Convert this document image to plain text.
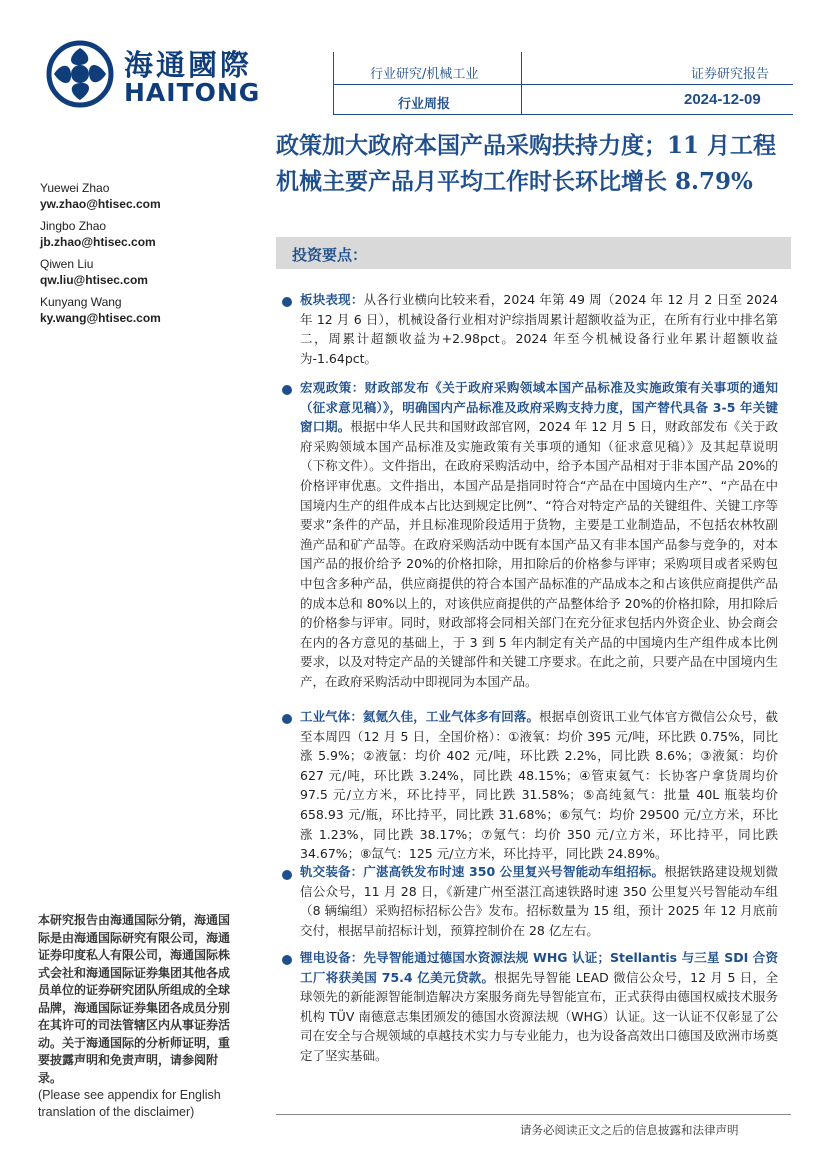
海通國際
HAITONG
行业研究/机械工业
行业周报
证券研究报告
2024-12-09
政策加大政府本国产品采购扶持力度；11 月工程机械主要产品月平均工作时长环比增长 8.79%
Yuewei Zhao
yw.zhao@htisec.com
Jingbo Zhao
jb.zhao@htisec.com
Qiwen Liu
qw.liu@htisec.com
Kunyang Wang
ky.wang@htisec.com
投资要点：
板块表现：从各行业横向比较来看，2024 年第 49 周（2024 年 12 月 2 日至 2024 年 12 月 6 日），机械设备行业相对沪综指周累计超额收益为正，在所有行业中排名第二，周累计超额收益为+2.98pct。2024 年至今机械设备行业年累计超额收益为-1.64pct。
宏观政策：财政部发布《关于政府采购领域本国产品标准及实施政策有关事项的通知（征求意见稿）》，明确国内产品标准及政府采购支持力度，国产替代具备 3-5 年关键窗口期。根据中华人民共和国财政部官网，2024 年 12 月 5 日，财政部发布《关于政府采购领域本国产品标准及实施政策有关事项的通知（征求意见稿）》及其起草说明（下称文件）。文件指出，在政府采购活动中，给予本国产品相对于非本国产品 20%的价格评审优惠。文件指出，本国产品是指同时符合“产品在中国境内生产”、“产品在中国境内生产的组件成本占比达到规定比例”、“符合对特定产品的关键组件、关键工序等要求”条件的产品，并且标准现阶段适用于货物，主要是工业制造品，不包括农林牧副渔产品和矿产品等。在政府采购活动中既有本国产品又有非本国产品参与竞争的，对本国产品的报价给予 20%的价格扣除，用扣除后的价格参与评审；采购项目或者采购包中包含多种产品，供应商提供的符合本国产品标准的产品成本之和占该供应商提供产品的成本总和 80%以上的，对该供应商提供的产品整体给予 20%的价格扣除，用扣除后的价格参与评审。同时，财政部将会同相关部门在充分征求包括内外资企业、协会商会在内的各方意见的基础上，于 3 到 5 年内制定有关产品的中国境内生产组件成本比例要求，以及对特定产品的关键部件和关键工序要求。在此之前，只要产品在中国境内生产，在政府采购活动中即视同为本国产品。
工业气体：氦氪久佳，工业气体多有回落。根据卓创资讯工业气体官方微信公众号，截至本周四（12 月 5 日，全国价格）：①液氧：均价 395 元/吨，环比跌 0.75%，同比涨 5.9%；②液氩：均价 402 元/吨，环比跌 2.2%，同比跌 8.6%；③液氮：均价 627 元/吨，环比跌 3.24%，同比跌 48.15%；④管束氦气：长协客户拿货周均价 97.5 元/立方米，环比持平，同比跌 31.58%；⑤高纯氦气：批量 40L 瓶装均价 658.93 元/瓶，环比持平，同比跌 31.68%；⑥氖气：均价 29500 元/立方米，环比涨 1.23%，同比跌 38.17%；⑦氪气：均价 350 元/立方米，环比持平，同比跌 34.67%；⑧氙气：125 元/立方米，环比持平，同比跌 24.89%。
轨交装备：广湛高铁发布时速 350 公里复兴号智能动车组招标。根据铁路建设规划微信公众号，11 月 28 日，《新建广州至湛江高速铁路时速 350 公里复兴号智能动车组（8 辆编组）采购招标招标公告》发布。招标数量为 15 组，预计 2025 年 12 月底前交付，根据早前招标计划，预算控制价在 28 亿左右。
锂电设备：先导智能通过德国水资源法规 WHG 认证；Stellantis 与三星 SDI 合资工厂将获美国 75.4 亿美元贷款。根据先导智能 LEAD 微信公众号，12 月 5 日，全球领先的新能源智能制造解决方案服务商先导智能宣布，正式获得由德国权威技术服务机构 TÜV 南德意志集团颁发的德国水资源法规（WHG）认证。这一认证不仅彰显了公司在安全与合规领域的卓越技术实力与专业能力，也为设备高效出口德国及欧洲市场奠定了坚实基础。
本研究报告由海通国际分销，海通国际是由海通国际研究有限公司，海通证券印度私人有限公司，海通国际株式会社和海通国际证券集团其他各成员单位的证券研究团队所组成的全球品牌，海通国际证券集团各成员分别在其许可的司法管辖区内从事证券活动。关于海通国际的分析师证明，重要披露声明和免责声明，请参阅附录。
(Please see appendix for English translation of the disclaimer)
请务必阅读正文之后的信息披露和法律声明
